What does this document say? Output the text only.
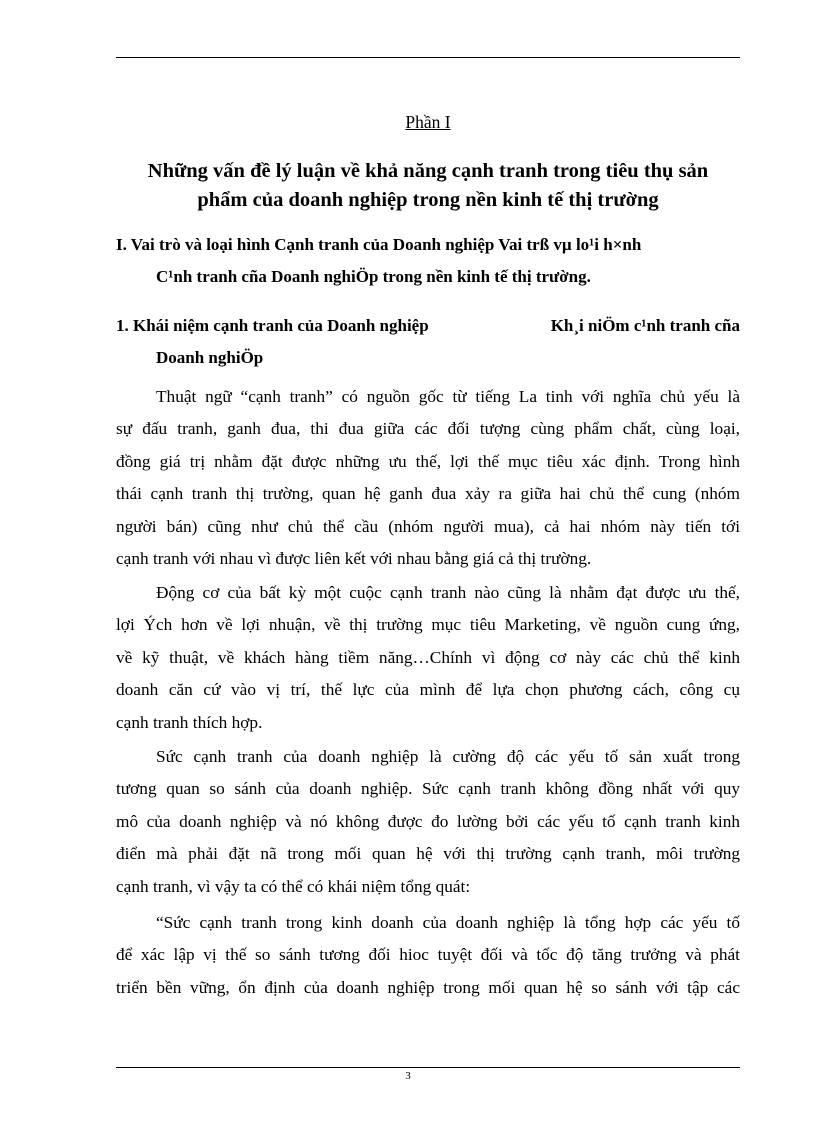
Phần I
Những vấn đề lý luận về khả năng cạnh tranh trong tiêu thụ sản
phẩm của doanh nghiệp trong nền kinh tế thị trường
I. Vai trò và loại hình Cạnh tranh của Doanh nghiệp Vai trß vµ lo¹i h×nh
C¹nh tranh cña Doanh nghiÖp trong nền kinh tế thị trường.
1. Khái niệm cạnh tranh của Doanh nghiệp	Kh¸i niÖm c¹nh tranh cña
Doanh nghiÖp

Thuật ngữ “cạnh tranh” có nguồn gốc từ tiếng La tinh với nghĩa chủ yếu là
sự đấu tranh, ganh đua, thi đua giữa các đối tượng cùng phẩm chất, cùng loại,
đồng giá trị nhằm đặt được những ưu thế, lợi thế mục tiêu xác định. Trong hình
thái cạnh tranh thị trường, quan hệ ganh đua xảy ra giữa hai chủ thể cung (nhóm
người bán) cũng như chủ thể cầu (nhóm người mua), cả hai nhóm này tiến tới
cạnh tranh với nhau vì được liên kết với nhau bằng giá cả thị trường.

Động cơ của bất kỳ một cuộc cạnh tranh nào cũng là nhằm đạt được ưu thế,
lợi Ých hơn về lợi nhuận, về thị trường mục tiêu Marketing, về nguồn cung ứng,
về kỹ thuật, về khách hàng tiềm năng…Chính vì động cơ này các chủ thể kinh
doanh căn cứ vào vị trí, thế lực của mình để lựa chọn phương cách, công cụ
cạnh tranh thích hợp.

Sức cạnh tranh của doanh nghiệp là cường độ các yếu tố sản xuất trong
tương quan so sánh của doanh nghiệp. Sức cạnh tranh không đồng nhất với quy
mô của doanh nghiệp và nó không được đo lường bởi các yếu tố cạnh tranh kinh
điển mà phải đặt nã trong mối quan hệ với thị trường cạnh tranh, môi trường
cạnh tranh, vì vậy ta có thể có khái niệm tổng quát:

“Sức cạnh tranh trong kinh doanh của doanh nghiệp là tổng hợp các yếu tố
để xác lập vị thế so sánh tương đối hioc tuyệt đối và tốc độ tăng trưởng và phát
triển bền vững, ổn định của doanh nghiệp trong mối quan hệ so sánh với tập các

3
